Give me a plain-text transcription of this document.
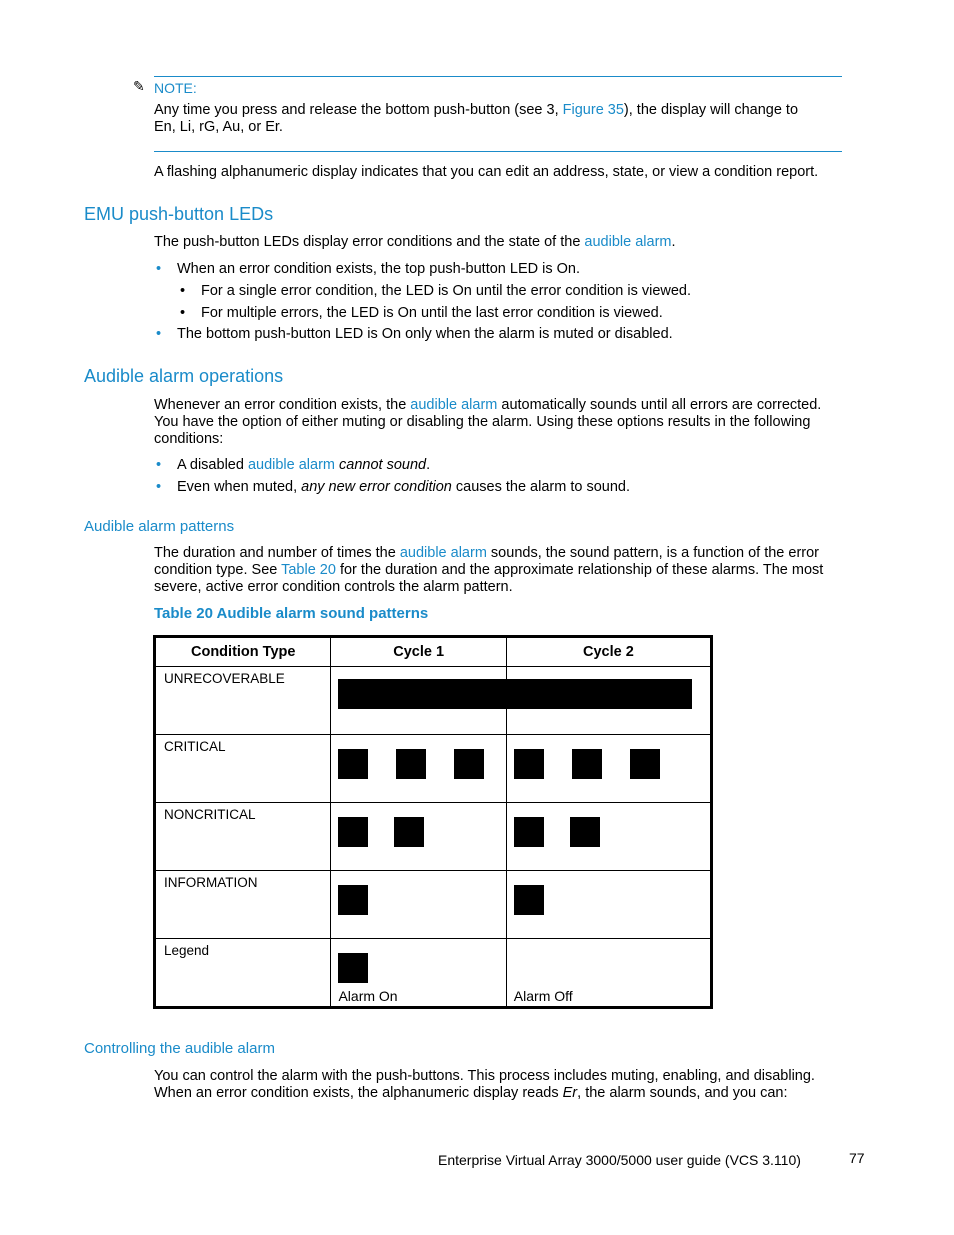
✎ NOTE:
Any time you press and release the bottom push-button (see 3, Figure 35), the display will change to
En, Li, rG, Au, or Er.
A flashing alphanumeric display indicates that you can edit an address, state, or view a condition report.
EMU push-button LEDs
The push-button LEDs display error conditions and the state of the audible alarm.
• When an error condition exists, the top push-button LED is On.
• For a single error condition, the LED is On until the error condition is viewed.
• For multiple errors, the LED is On until the last error condition is viewed.
• The bottom push-button LED is On only when the alarm is muted or disabled.
Audible alarm operations
Whenever an error condition exists, the audible alarm automatically sounds until all errors are corrected.
You have the option of either muting or disabling the alarm. Using these options results in the following
conditions:
• A disabled audible alarm cannot sound.
• Even when muted, any new error condition causes the alarm to sound.
Audible alarm patterns
The duration and number of times the audible alarm sounds, the sound pattern, is a function of the error
condition type. See Table 20 for the duration and the approximate relationship of these alarms. The most
severe, active error condition controls the alarm pattern.
Table 20 Audible alarm sound patterns
Condition Type	Cycle 1	Cycle 2

UNRECOVERABLE		

CRITICAL		

NONCRITICAL		

INFORMATION		

Legend	Alarm On	Alarm Off
Controlling the audible alarm
You can control the alarm with the push-buttons. This process includes muting, enabling, and disabling.
When an error condition exists, the alphanumeric display reads Er, the alarm sounds, and you can:
Enterprise Virtual Array 3000/5000 user guide (VCS 3.110)	77
